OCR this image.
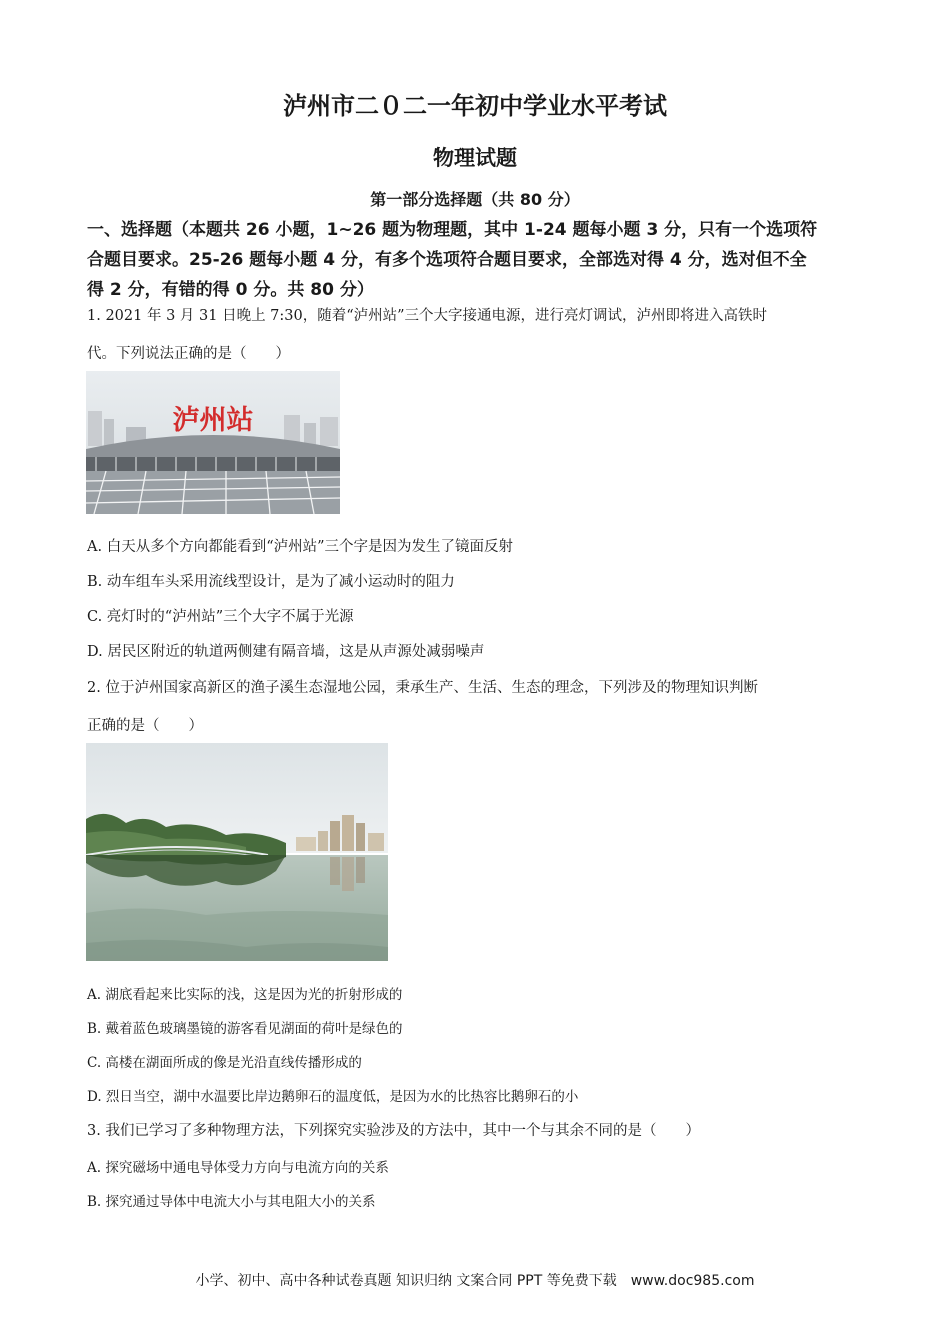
泸州市二０二一年初中学业水平考试
物理试题
第一部分选择题（共 80 分）
一、选择题（本题共 26 小题，1~26 题为物理题，其中 1-24 题每小题 3 分，只有一个选项符
合题目要求。25-26 题每小题 4 分，有多个选项符合题目要求，全部选对得 4 分，选对但不全
得 2 分，有错的得 0 分。共 80 分）
1. 2021 年 3 月 31 日晚上 7:30，随着“泸州站”三个大字接通电源，进行亮灯调试，泸州即将进入高铁时
代。下列说法正确的是（　　）
泸州站
A. 白天从多个方向都能看到“泸州站”三个字是因为发生了镜面反射
B. 动车组车头采用流线型设计，是为了减小运动时的阻力
C. 亮灯时的“泸州站”三个大字不属于光源
D. 居民区附近的轨道两侧建有隔音墙，这是从声源处减弱噪声
2. 位于泸州国家高新区的渔子溪生态湿地公园，秉承生产、生活、生态的理念，下列涉及的物理知识判断
正确的是（　　）
A. 湖底看起来比实际的浅，这是因为光的折射形成的
B. 戴着蓝色玻璃墨镜的游客看见湖面的荷叶是绿色的
C. 高楼在湖面所成的像是光沿直线传播形成的
D. 烈日当空，湖中水温要比岸边鹅卵石的温度低，是因为水的比热容比鹅卵石的小
3. 我们已学习了多种物理方法，下列探究实验涉及的方法中，其中一个与其余不同的是（　　）
A. 探究磁场中通电导体受力方向与电流方向的关系
B. 探究通过导体中电流大小与其电阻大小的关系
小学、初中、高中各种试卷真题 知识归纳 文案合同 PPT 等免费下载　www.doc985.com
